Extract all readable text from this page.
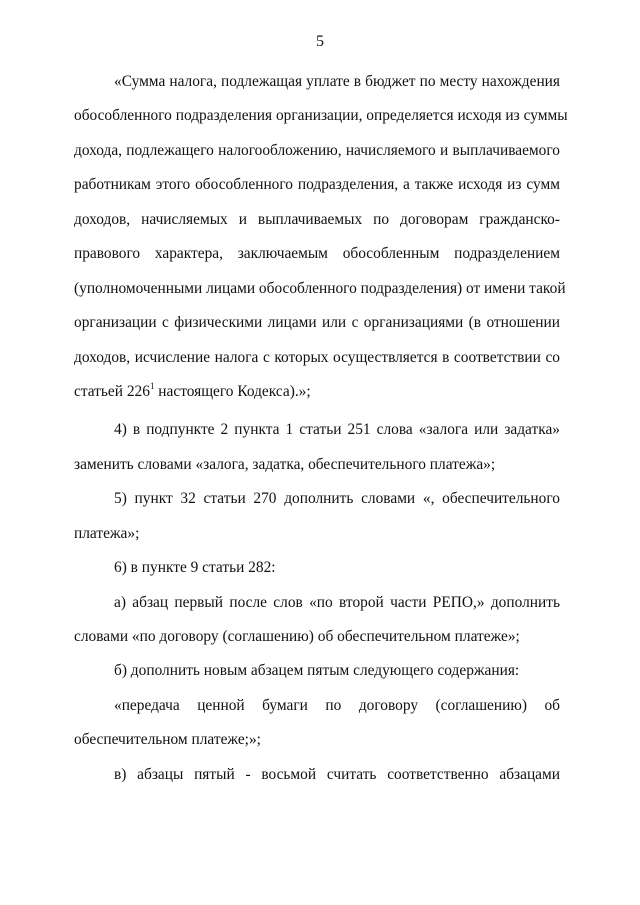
5
«Сумма налога, подлежащая уплате в бюджет по месту нахождения
обособленного подразделения организации, определяется исходя из суммы
дохода, подлежащего налогообложению, начисляемого и выплачиваемого
работникам этого обособленного подразделения, а также исходя из сумм
доходов, начисляемых и выплачиваемых по договорам гражданско-
правового характера, заключаемым обособленным подразделением
(уполномоченными лицами обособленного подразделения) от имени такой
организации с физическими лицами или с организациями (в отношении
доходов, исчисление налога с которых осуществляется в соответствии со
статьей $226^1$ настоящего Кодекса).»;
4) в подпункте 2 пункта 1 статьи 251 слова «залога или задатка»
заменить словами «залога, задатка, обеспечительного платежа»;
5) пункт 32 статьи 270 дополнить словами «, обеспечительного
платежа»;
6) в пункте 9 статьи 282:
а) абзац первый после слов «по второй части РЕПО,» дополнить
словами «по договору (соглашению) об обеспечительном платеже»;
б) дополнить новым абзацем пятым следующего содержания:
«передача ценной бумаги по договору (соглашению) об
обеспечительном платеже;»;
в) абзацы пятый - восьмой считать соответственно абзацами
